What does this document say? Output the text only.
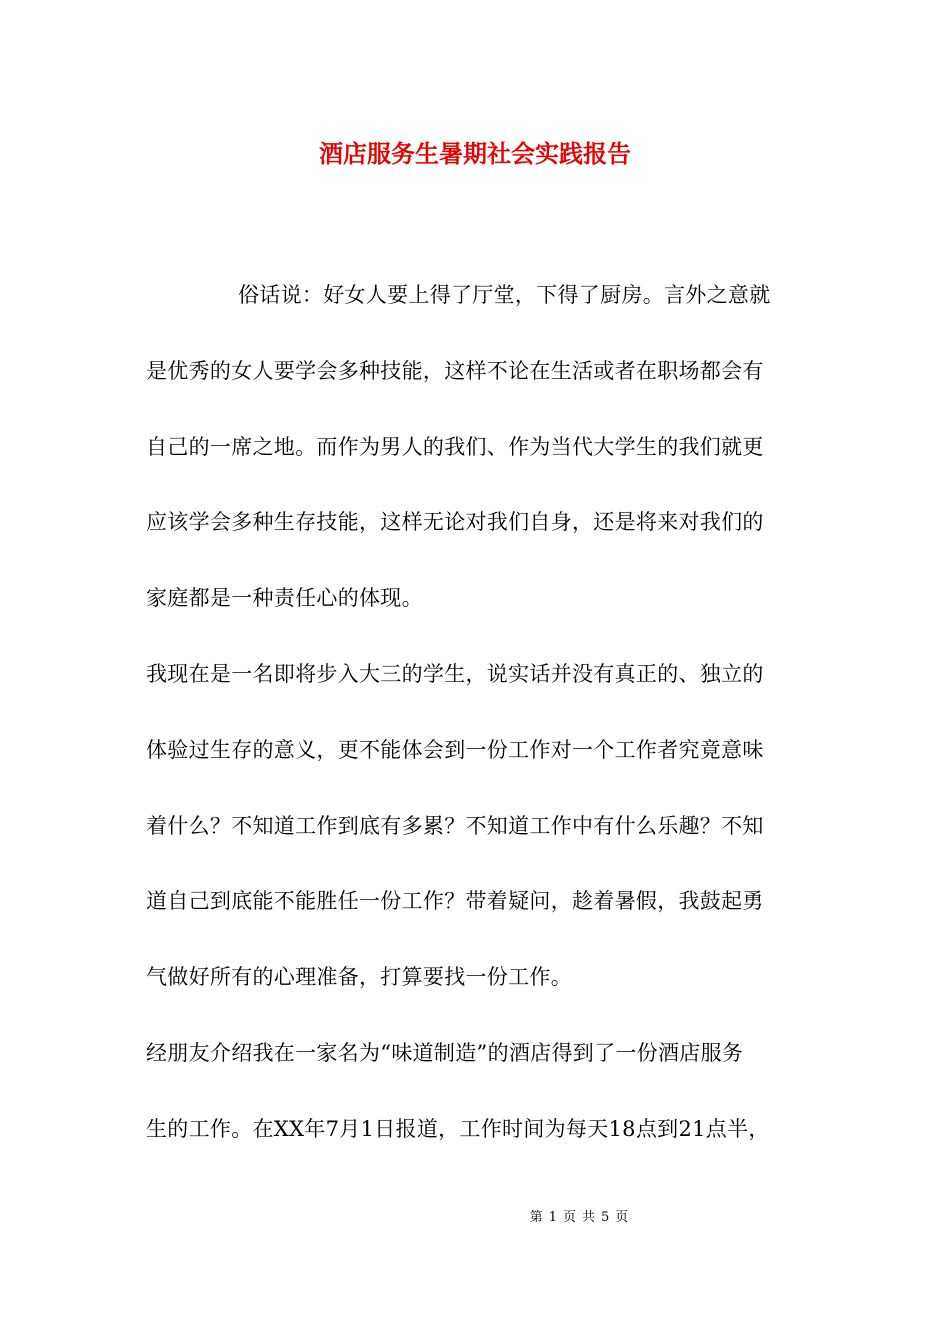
酒店服务生暑期社会实践报告
俗话说：好女人要上得了厅堂，下得了厨房。言外之意就
是优秀的女人要学会多种技能，这样不论在生活或者在职场都会有
自己的一席之地。而作为男人的我们、作为当代大学生的我们就更
应该学会多种生存技能，这样无论对我们自身，还是将来对我们的
家庭都是一种责任心的体现。
我现在是一名即将步入大三的学生，说实话并没有真正的、独立的
体验过生存的意义，更不能体会到一份工作对一个工作者究竟意味
着什么？不知道工作到底有多累？不知道工作中有什么乐趣？不知
道自己到底能不能胜任一份工作？带着疑问，趁着暑假，我鼓起勇
气做好所有的心理准备，打算要找一份工作。
经朋友介绍我在一家名为“味道制造”的酒店得到了一份酒店服务
生的工作。在XX年7月1日报道，工作时间为每天18点到21点半，
第 1 页 共 5 页
